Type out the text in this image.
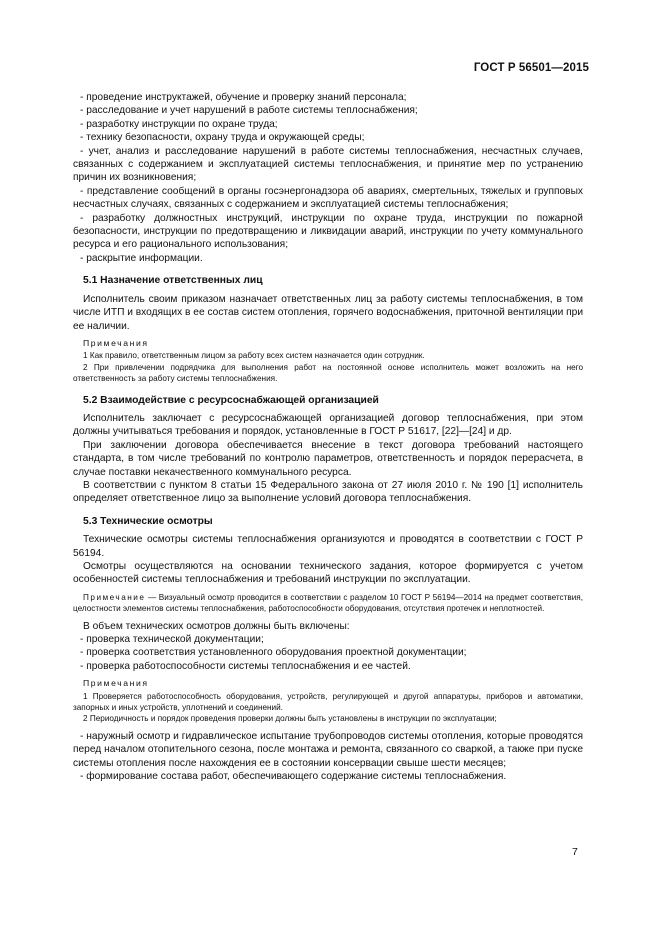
ГОСТ Р 56501—2015

- проведение инструктажей, обучение и проверку знаний персонала;

- расследование и учет нарушений в работе системы теплоснабжения;

- разработку инструкции по охране труда;

- технику безопасности, охрану труда и окружающей среды;

- учет, анализ и расследование нарушений в работе системы теплоснабжения, несчастных случаев, связанных с содержанием и эксплуатацией системы теплоснабжения, и принятие мер по устранению причин их возникновения;

- представление сообщений в органы госэнергонадзора об авариях, смертельных, тяжелых и групповых несчастных случаях, связанных с содержанием и эксплуатацией системы теплоснабжения;

- разработку должностных инструкций, инструкции по охране труда, инструкции по пожарной безопасности, инструкции по предотвращению и ликвидации аварий, инструкции по учету коммунального ресурса и его рационального использования;

- раскрытие информации.

5.1 Назначение ответственных лиц

Исполнитель своим приказом назначает ответственных лиц за работу системы теплоснабжения, в том числе ИТП и входящих в ее состав систем отопления, горячего водоснабжения, приточной вентиляции при ее наличии.

Примечания

1 Как правило, ответственным лицом за работу всех систем назначается один сотрудник.

2 При привлечении подрядчика для выполнения работ на постоянной основе исполнитель может возложить на него ответственность за работу системы теплоснабжения.

5.2 Взаимодействие с ресурсоснабжающей организацией

Исполнитель заключает с ресурсоснабжающей организацией договор теплоснабжения, при этом должны учитываться требования и порядок, установленные в ГОСТ Р 51617, [22]—[24] и др.

При заключении договора обеспечивается внесение в текст договора требований настоящего стандарта, в том числе требований по контролю параметров, ответственность и порядок перерасчета, в случае поставки некачественного коммунального ресурса.

В соответствии с пунктом 8 статьи 15 Федерального закона от 27 июля 2010 г. № 190 [1] исполнитель определяет ответственное лицо за выполнение условий договора теплоснабжения.

5.3 Технические осмотры

Технические осмотры системы теплоснабжения организуются и проводятся в соответствии с ГОСТ Р 56194.

Осмотры осуществляются на основании технического задания, которое формируется с учетом особенностей системы теплоснабжения и требований инструкции по эксплуатации.

Примечание — Визуальный осмотр проводится в соответствии с разделом 10 ГОСТ Р 56194—2014 на предмет соответствия, целостности элементов системы теплоснабжения, работоспособности оборудования, отсутствия протечек и неплотностей.

В объем технических осмотров должны быть включены:

- проверка технической документации;

- проверка соответствия установленного оборудования проектной документации;

- проверка работоспособности системы теплоснабжения и ее частей.

Примечания

1 Проверяется работоспособность оборудования, устройств, регулирующей и другой аппаратуры, приборов и автоматики, запорных и иных устройств, уплотнений и соединений.

2 Периодичность и порядок проведения проверки должны быть установлены в инструкции по эксплуатации;

- наружный осмотр и гидравлическое испытание трубопроводов системы отопления, которые проводятся перед началом отопительного сезона, после монтажа и ремонта, связанного со сваркой, а также при пуске системы отопления после нахождения ее в состоянии консервации свыше шести месяцев;

- формирование состава работ, обеспечивающего содержание системы теплоснабжения.

7
